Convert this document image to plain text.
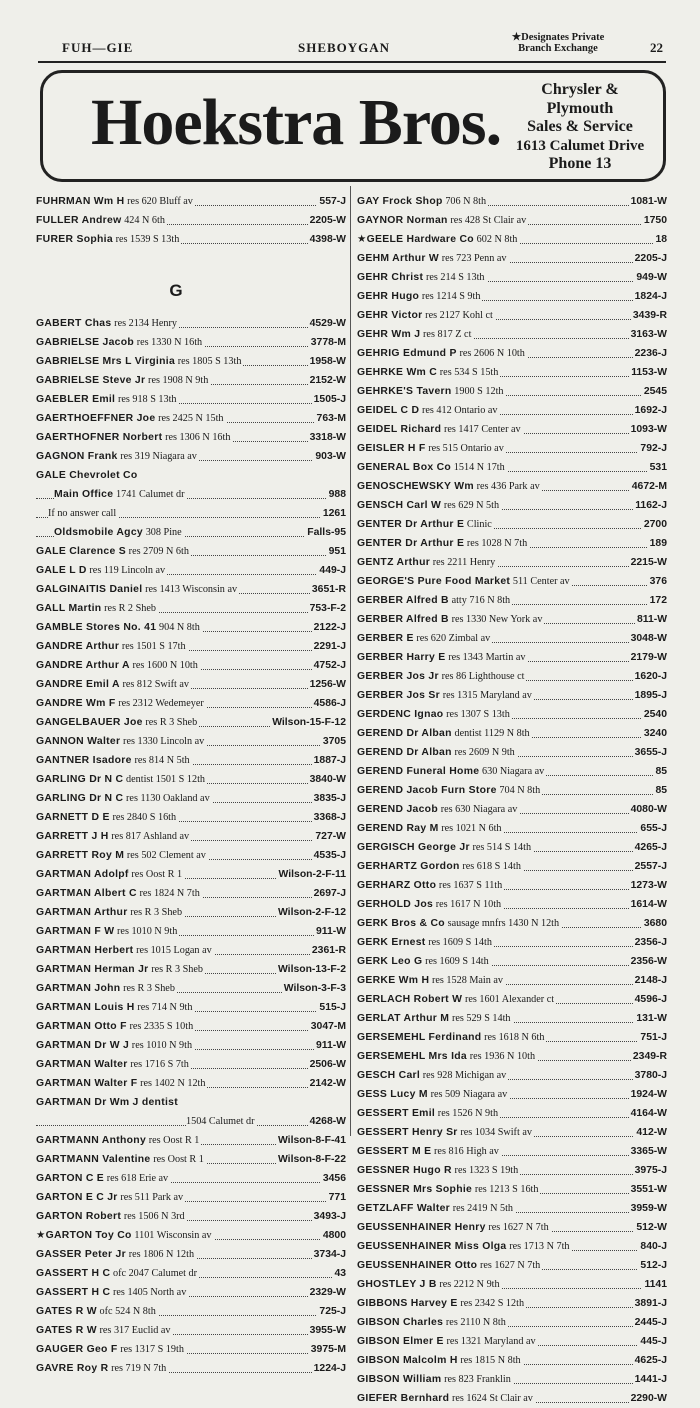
FUH—GIE	SHEBOYGAN
★Designates Private
Branch Exchange	22
Hoekstra Bros.	Chrysler &
Plymouth
Sales & Service
1613 Calumet Drive
Phone 13
FUHRMAN Wm H res 620 Bluff av	557-J
FULLER Andrew 424 N 6th	2205-W
FURER Sophia res 1539 S 13th	4398-W
G
GABERT Chas res 2134 Henry	4529-W
GABRIELSE Jacob res 1330 N 16th	3778-M
GABRIELSE Mrs L Virginia res 1805 S 13th	1958-W
GABRIELSE Steve Jr res 1908 N 9th	2152-W
GAEBLER Emil res 918 S 13th	1505-J
GAERTHOEFFNER Joe res 2425 N 15th	763-M
GAERTHOFNER Norbert res 1306 N 16th	3318-W
GAGNON Frank res 319 Niagara av	903-W
GALE Chevrolet Co
Main Office 1741 Calumet dr	988
If no answer call	1261
Oldsmobile Agcy 308 Pine	Falls-95
GALE Clarence S res 2709 N 6th	951
GALE L D res 119 Lincoln av	449-J
GALGINAITIS Daniel res 1413 Wisconsin av	3651-R
GALL Martin res R 2 Sheb	753-F-2
GAMBLE Stores No. 41 904 N 8th	2122-J
GANDRE Arthur res 1501 S 17th	2291-J
GANDRE Arthur A res 1600 N 10th	4752-J
GANDRE Emil A res 812 Swift av	1256-W
GANDRE Wm F res 2312 Wedemeyer	4586-J
GANGELBAUER Joe res R 3 Sheb	Wilson-15-F-12
GANNON Walter res 1330 Lincoln av	3705
GANTNER Isadore res 814 N 5th	1887-J
GARLING Dr N C dentist 1501 S 12th	3840-W
GARLING Dr N C res 1130 Oakland av	3835-J
GARNETT D E res 2840 S 16th	3368-J
GARRETT J H res 817 Ashland av	727-W
GARRETT Roy M res 502 Clement av	4535-J
GARTMAN Adolpf res Oost R 1	Wilson-2-F-11
GARTMAN Albert C res 1824 N 7th	2697-J
GARTMAN Arthur res R 3 Sheb	Wilson-2-F-12
GARTMAN F W res 1010 N 9th	911-W
GARTMAN Herbert res 1015 Logan av	2361-R
GARTMAN Herman Jr res R 3 Sheb	Wilson-13-F-2
GARTMAN John res R 3 Sheb	Wilson-3-F-3
GARTMAN Louis H res 714 N 9th	515-J
GARTMAN Otto F res 2335 S 10th	3047-M
GARTMAN Dr W J res 1010 N 9th	911-W
GARTMAN Walter res 1716 S 7th	2506-W
GARTMAN Walter F res 1402 N 12th	2142-W
GARTMAN Dr Wm J dentist
1504 Calumet dr	4268-W
GARTMANN Anthony res Oost R 1	Wilson-8-F-41
GARTMANN Valentine res Oost R 1	Wilson-8-F-22
GARTON C E res 618 Erie av	3456
GARTON E C Jr res 511 Park av	771
GARTON Robert res 1506 N 3rd	3493-J
★GARTON Toy Co 1101 Wisconsin av	4800
GASSER Peter Jr res 1806 N 12th	3734-J
GASSERT H C ofc 2047 Calumet dr	43
GASSERT H C res 1405 North av	2329-W
GATES R W ofc 524 N 8th	725-J
GATES R W res 317 Euclid av	3955-W
GAUGER Geo F res 1317 S 19th	3975-M
GAVRE Roy R res 719 N 7th	1224-J
GAY Frock Shop 706 N 8th	1081-W
GAYNOR Norman res 428 St Clair av	1750
★GEELE Hardware Co 602 N 8th	18
GEHM Arthur W res 723 Penn av	2205-J
GEHR Christ res 214 S 13th	949-W
GEHR Hugo res 1214 S 9th	1824-J
GEHR Victor res 2127 Kohl ct	3439-R
GEHR Wm J res 817 Z ct	3163-W
GEHRIG Edmund P res 2606 N 10th	2236-J
GEHRKE Wm C res 534 S 15th	1153-W
GEHRKE'S Tavern 1900 S 12th	2545
GEIDEL C D res 412 Ontario av	1692-J
GEIDEL Richard res 1417 Center av	1093-W
GEISLER H F res 515 Ontario av	792-J
GENERAL Box Co 1514 N 17th	531
GENOSCHEWSKY Wm res 436 Park av	4672-M
GENSCH Carl W res 629 N 5th	1162-J
GENTER Dr Arthur E Clinic	2700
GENTER Dr Arthur E res 1028 N 7th	189
GENTZ Arthur res 2211 Henry	2215-W
GEORGE'S Pure Food Market 511 Center av	376
GERBER Alfred B atty 716 N 8th	172
GERBER Alfred B res 1330 New York av	811-W
GERBER E res 620 Zimbal av	3048-W
GERBER Harry E res 1343 Martin av	2179-W
GERBER Jos Jr res 86 Lighthouse ct	1620-J
GERBER Jos Sr res 1315 Maryland av	1895-J
GERDENC Ignao res 1307 S 13th	2540
GEREND Dr Alban dentist 1129 N 8th	3240
GEREND Dr Alban res 2609 N 9th	3655-J
GEREND Funeral Home 630 Niagara av	85
GEREND Jacob Furn Store 704 N 8th	85
GEREND Jacob res 630 Niagara av	4080-W
GEREND Ray M res 1021 N 6th	655-J
GERGISCH George Jr res 514 S 14th	4265-J
GERHARTZ Gordon res 618 S 14th	2557-J
GERHARZ Otto res 1637 S 11th	1273-W
GERHOLD Jos res 1617 N 10th	1614-W
GERK Bros & Co sausage mnfrs 1430 N 12th	3680
GERK Ernest res 1609 S 14th	2356-J
GERK Leo G res 1609 S 14th	2356-W
GERKE Wm H res 1528 Main av	2148-J
GERLACH Robert W res 1601 Alexander ct	4596-J
GERLAT Arthur M res 529 S 14th	131-W
GERSEMEHL Ferdinand res 1618 N 6th	751-J
GERSEMEHL Mrs Ida res 1936 N 10th	2349-R
GESCH Carl res 928 Michigan av	3780-J
GESS Lucy M res 509 Niagara av	1924-W
GESSERT Emil res 1526 N 9th	4164-W
GESSERT Henry Sr res 1034 Swift av	412-W
GESSERT M E res 816 High av	3365-W
GESSNER Hugo R res 1323 S 19th	3975-J
GESSNER Mrs Sophie res 1213 S 16th	3551-W
GETZLAFF Walter res 2419 N 5th	3959-W
GEUSSENHAINER Henry res 1627 N 7th	512-W
GEUSSENHAINER Miss Olga res 1713 N 7th	840-J
GEUSSENHAINER Otto res 1627 N 7th	512-J
GHOSTLEY J B res 2212 N 9th	1141
GIBBONS Harvey E res 2342 S 12th	3891-J
GIBSON Charles res 2110 N 8th	2445-J
GIBSON Elmer E res 1321 Maryland av	445-J
GIBSON Malcolm H res 1815 N 8th	4625-J
GIBSON William res 823 Franklin	1441-J
GIEFER Bernhard res 1624 St Clair av	2290-W
